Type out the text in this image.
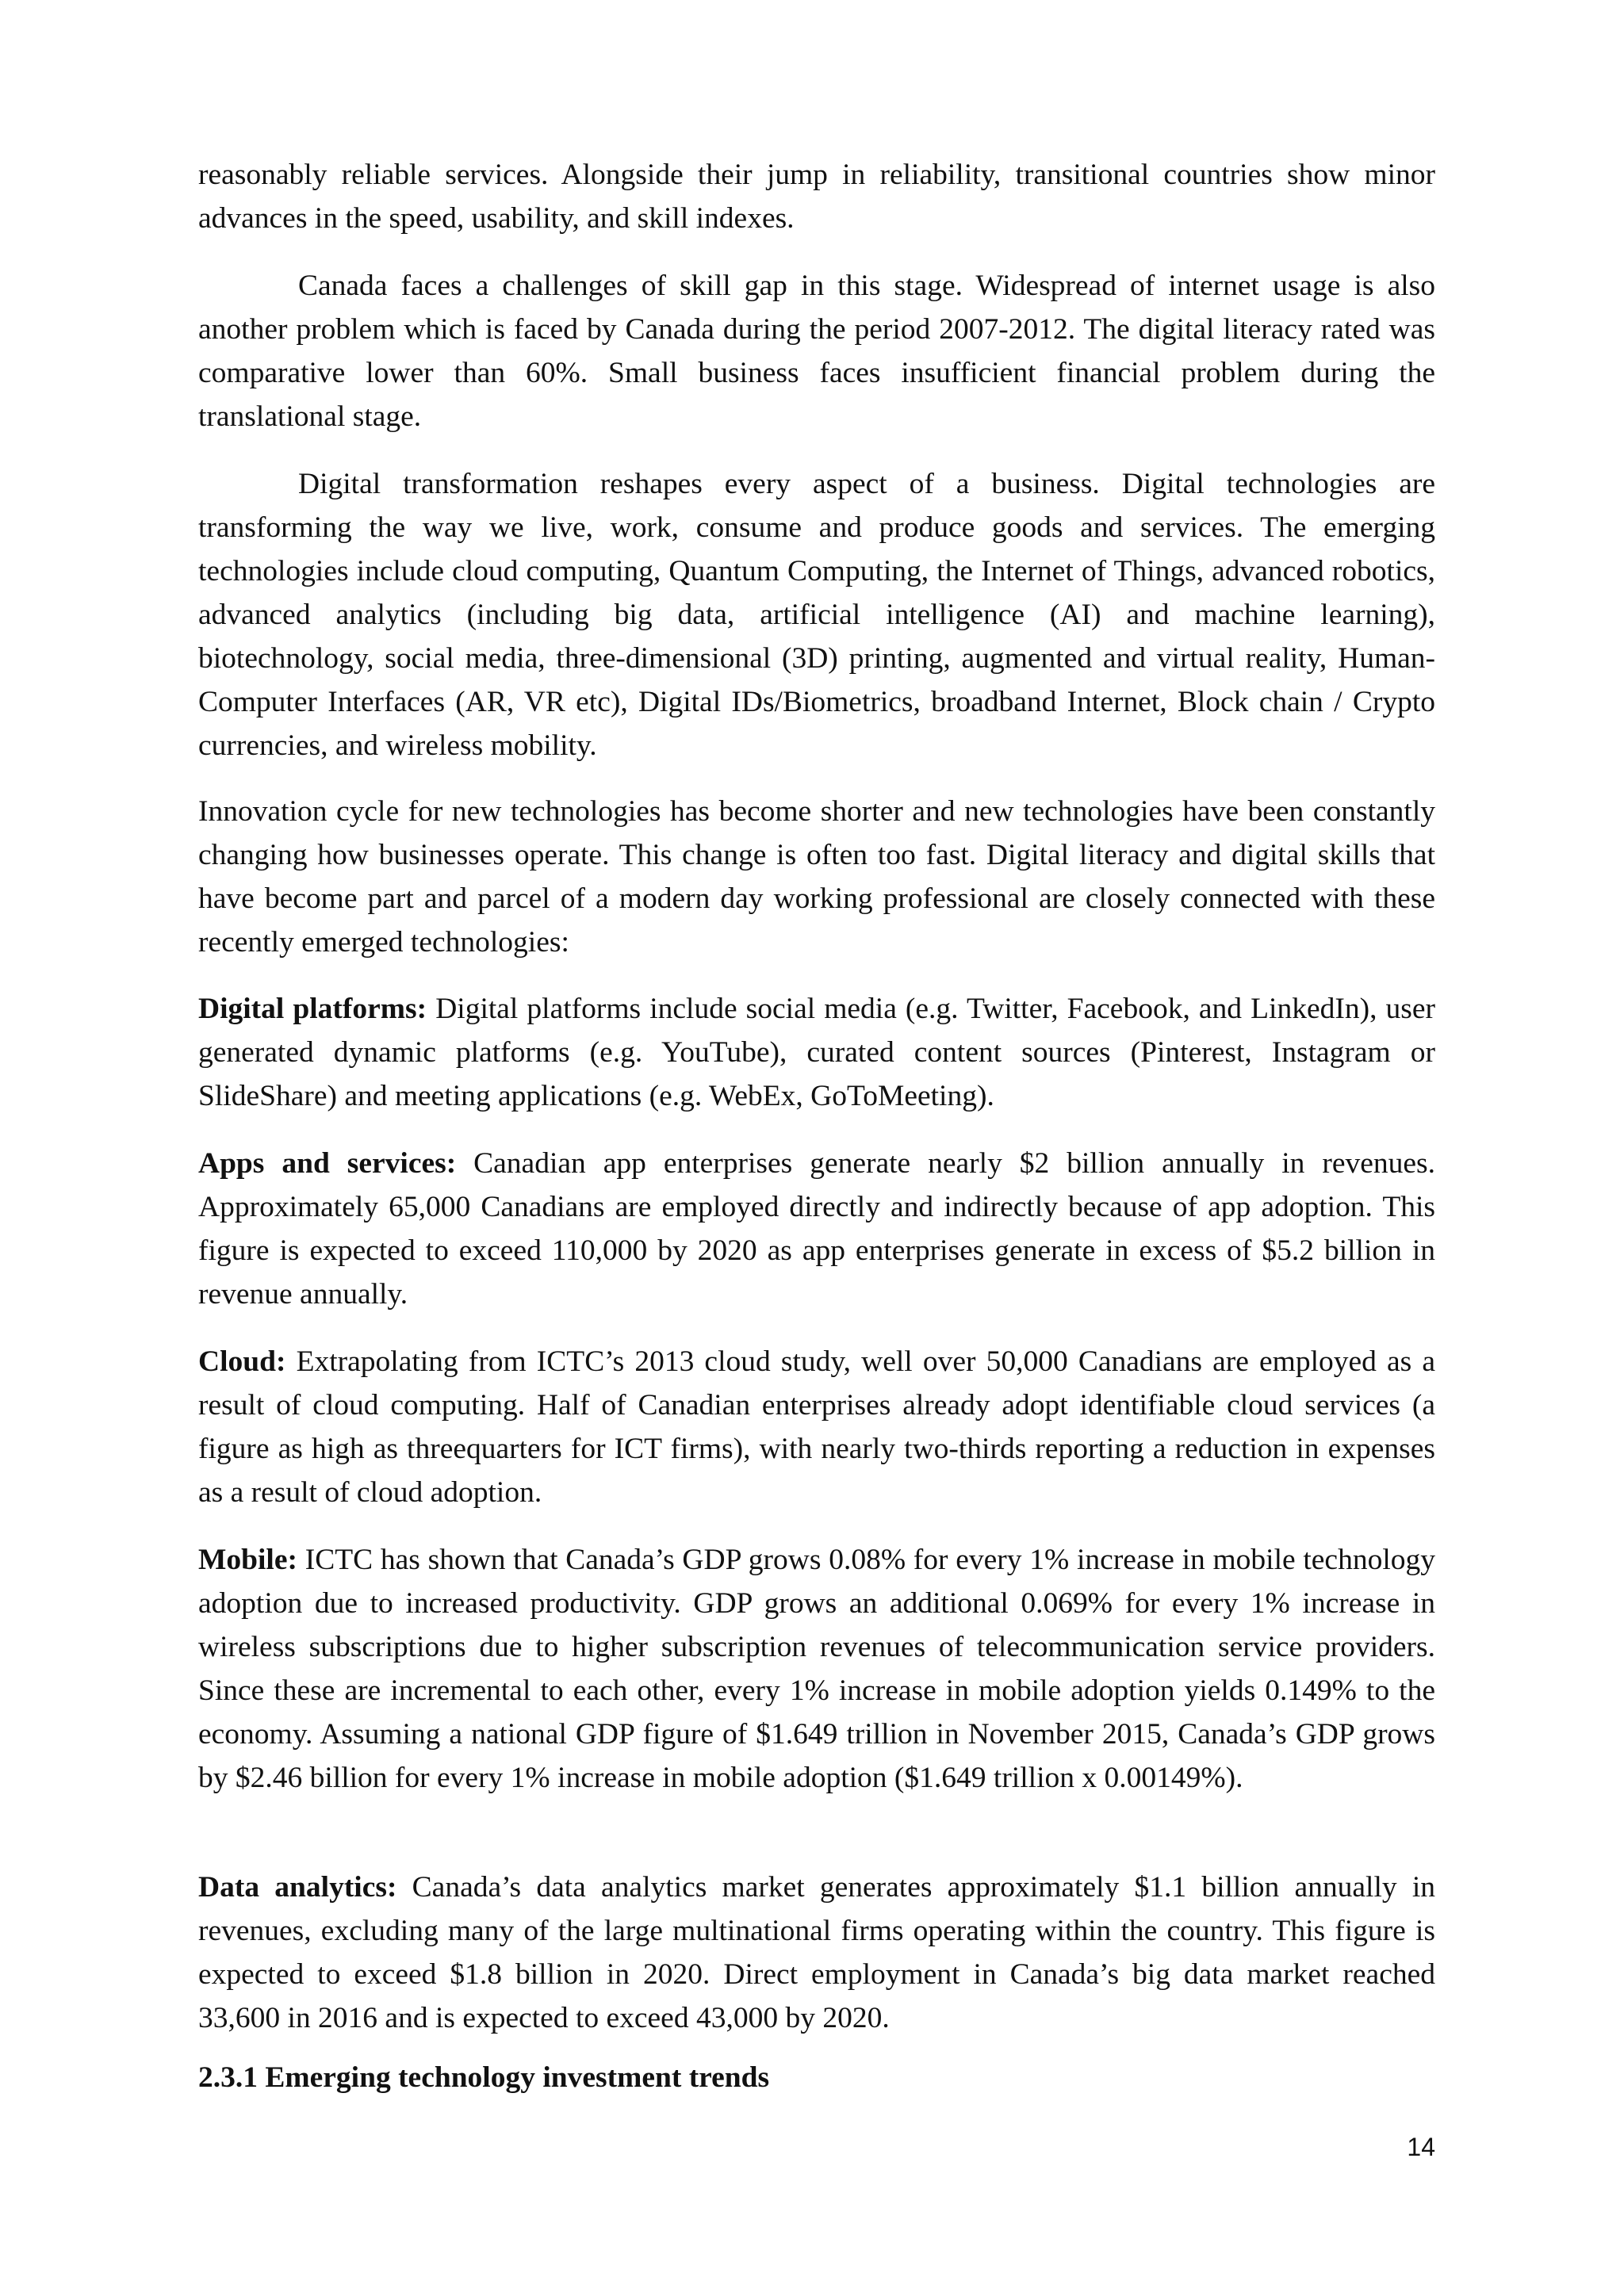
reasonably reliable services. Alongside their jump in reliability, transitional countries show minor advances in the speed, usability, and skill indexes.

Canada faces a challenges of skill gap in this stage. Widespread of internet usage is also another problem which is faced by Canada during the period 2007-2012. The digital literacy rated was comparative lower than 60%. Small business faces insufficient financial problem during the translational stage.

Digital transformation reshapes every aspect of a business. Digital technologies are transforming the way we live, work, consume and produce goods and services. The emerging technologies include cloud computing, Quantum Computing, the Internet of Things, advanced robotics, advanced analytics (including big data, artificial intelligence (AI) and machine learning), biotechnology, social media, three-dimensional (3D) printing, augmented and virtual reality, Human-Computer Interfaces (AR, VR etc), Digital IDs/Biometrics, broadband Internet, Block chain / Crypto currencies, and wireless mobility.

Innovation cycle for new technologies has become shorter and new technologies have been constantly changing how businesses operate. This change is often too fast. Digital literacy and digital skills that have become part and parcel of a modern day working professional are closely connected with these recently emerged technologies:

Digital platforms: Digital platforms include social media (e.g. Twitter, Facebook, and LinkedIn), user generated dynamic platforms (e.g. YouTube), curated content sources (Pinterest, Instagram or SlideShare) and meeting applications (e.g. WebEx, GoToMeeting).

Apps and services: Canadian app enterprises generate nearly $2 billion annually in revenues. Approximately 65,000 Canadians are employed directly and indirectly because of app adoption. This figure is expected to exceed 110,000 by 2020 as app enterprises generate in excess of $5.2 billion in revenue annually.

Cloud: Extrapolating from ICTC’s 2013 cloud study, well over 50,000 Canadians are employed as a result of cloud computing. Half of Canadian enterprises already adopt identifiable cloud services (a figure as high as threequarters for ICT firms), with nearly two-thirds reporting a reduction in expenses as a result of cloud adoption.

Mobile: ICTC has shown that Canada’s GDP grows 0.08% for every 1% increase in mobile technology adoption due to increased productivity. GDP grows an additional 0.069% for every 1% increase in wireless subscriptions due to higher subscription revenues of telecommunication service providers. Since these are incremental to each other, every 1% increase in mobile adoption yields 0.149% to the economy. Assuming a national GDP figure of $1.649 trillion in November 2015, Canada’s GDP grows by $2.46 billion for every 1% increase in mobile adoption ($1.649 trillion x 0.00149%).

Data analytics: Canada’s data analytics market generates approximately $1.1 billion annually in revenues, excluding many of the large multinational firms operating within the country. This figure is expected to exceed $1.8 billion in 2020. Direct employment in Canada’s big data market reached 33,600 in 2016 and is expected to exceed 43,000 by 2020.

2.3.1 Emerging technology investment trends

14
